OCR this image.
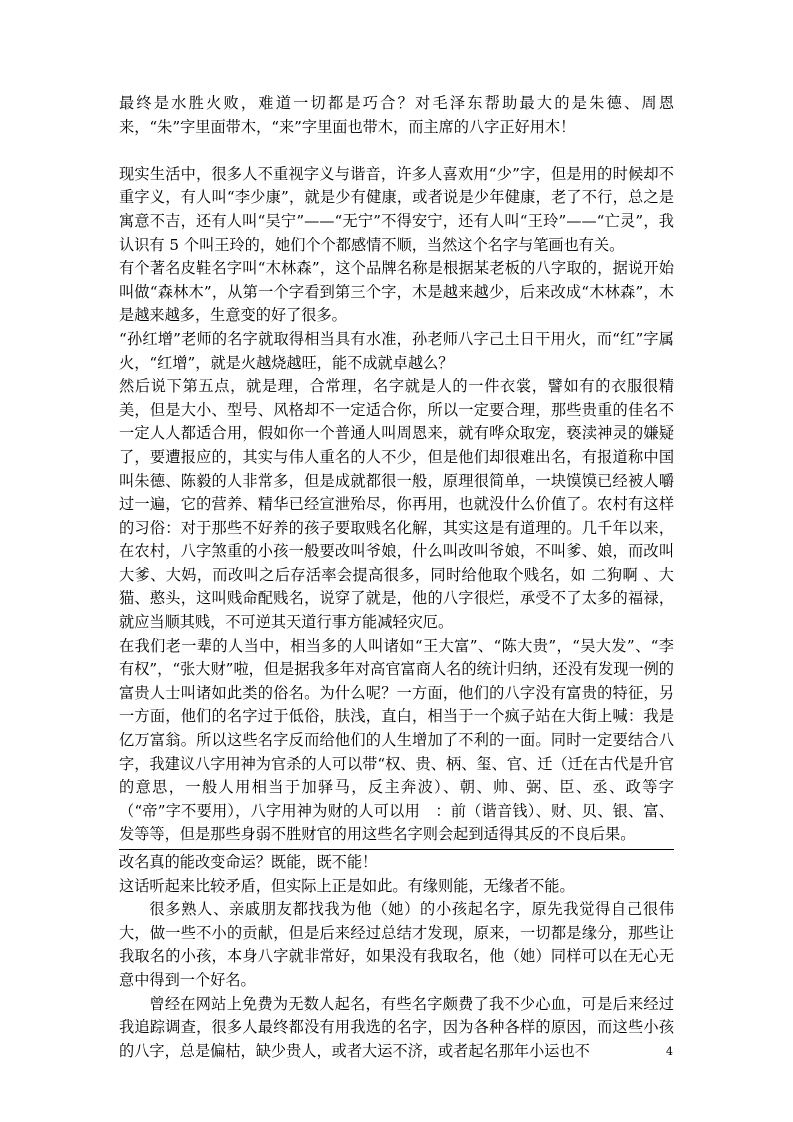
最终是水胜火败，难道一切都是巧合？对毛泽东帮助最大的是朱德、周恩来，“朱”字里面带木，“来”字里面也带木，而主席的八字正好用木！

现实生活中，很多人不重视字义与谐音，许多人喜欢用“少”字，但是用的时候却不重字义，有人叫“李少康”，就是少有健康，或者说是少年健康，老了不行，总之是寓意不吉，还有人叫“吴宁”——“无宁”不得安宁，还有人叫“王玲”——“亡灵”，我认识有 5 个叫王玲的，她们个个都感情不顺，当然这个名字与笔画也有关。

有个著名皮鞋名字叫“木林森”，这个品牌名称是根据某老板的八字取的，据说开始叫做“森林木”，从第一个字看到第三个字，木是越来越少，后来改成“木林森”，木是越来越多，生意变的好了很多。

“孙红增”老师的名字就取得相当具有水准，孙老师八字己土日干用火，而“红”字属火，“红增”，就是火越烧越旺，能不成就卓越么？

然后说下第五点，就是理，合常理，名字就是人的一件衣裳，譬如有的衣服很精美，但是大小、型号、风格却不一定适合你，所以一定要合理，那些贵重的佳名不一定人人都适合用，假如你一个普通人叫周恩来，就有哗众取宠，亵渎神灵的嫌疑了，要遭报应的，其实与伟人重名的人不少，但是他们却很难出名，有报道称中国叫朱德、陈毅的人非常多，但是成就都很一般，原理很简单，一块馍馍已经被人嚼过一遍，它的营养、精华已经宣泄殆尽，你再用，也就没什么价值了。农村有这样的习俗：对于那些不好养的孩子要取贱名化解，其实这是有道理的。几千年以来，在农村，八字煞重的小孩一般要改叫爷娘，什么叫改叫爷娘，不叫爹、娘，而改叫大爹、大妈，而改叫之后存活率会提高很多，同时给他取个贱名，如 二狗啊 、大猫、憨头，这叫贱命配贱名，说穿了就是，他的八字很烂，承受不了太多的福禄，就应当顺其贱，不可逆其天道行事方能减轻灾厄。

在我们老一辈的人当中，相当多的人叫诸如“王大富”、“陈大贵”，“吴大发”、“李有权”，“张大财”啦，但是据我多年对高官富商人名的统计归纳，还没有发现一例的富贵人士叫诸如此类的俗名。为什么呢？一方面，他们的八字没有富贵的特征，另一方面，他们的名字过于低俗，肤浅，直白，相当于一个疯子站在大街上喊：我是亿万富翁。所以这些名字反而给他们的人生增加了不利的一面。同时一定要结合八字，我建议八字用神为官杀的人可以带“权、贵、柄、玺、官、迁（迁在古代是升官的意思，一般人用相当于加驿马，反主奔波）、朝、帅、弼、臣、丞、政等字（“帝”字不要用），八字用神为财的人可以用　：前（谐音钱）、财、贝、银、富、发等等，但是那些身弱不胜财官的用这些名字则会起到适得其反的不良后果。

改名真的能改变命运？既能，既不能！

这话听起来比较矛盾，但实际上正是如此。有缘则能，无缘者不能。

很多熟人、亲戚朋友都找我为他（她）的小孩起名字，原先我觉得自己很伟大，做一些不小的贡献，但是后来经过总结才发现，原来，一切都是缘分，那些让我取名的小孩，本身八字就非常好，如果没有我取名，他（她）同样可以在无心无意中得到一个好名。

曾经在网站上免费为无数人起名，有些名字颇费了我不少心血，可是后来经过我追踪调查，很多人最终都没有用我选的名字，因为各种各样的原因，而这些小孩的八字，总是偏枯，缺少贵人，或者大运不济，或者起名那年小运也不	4
